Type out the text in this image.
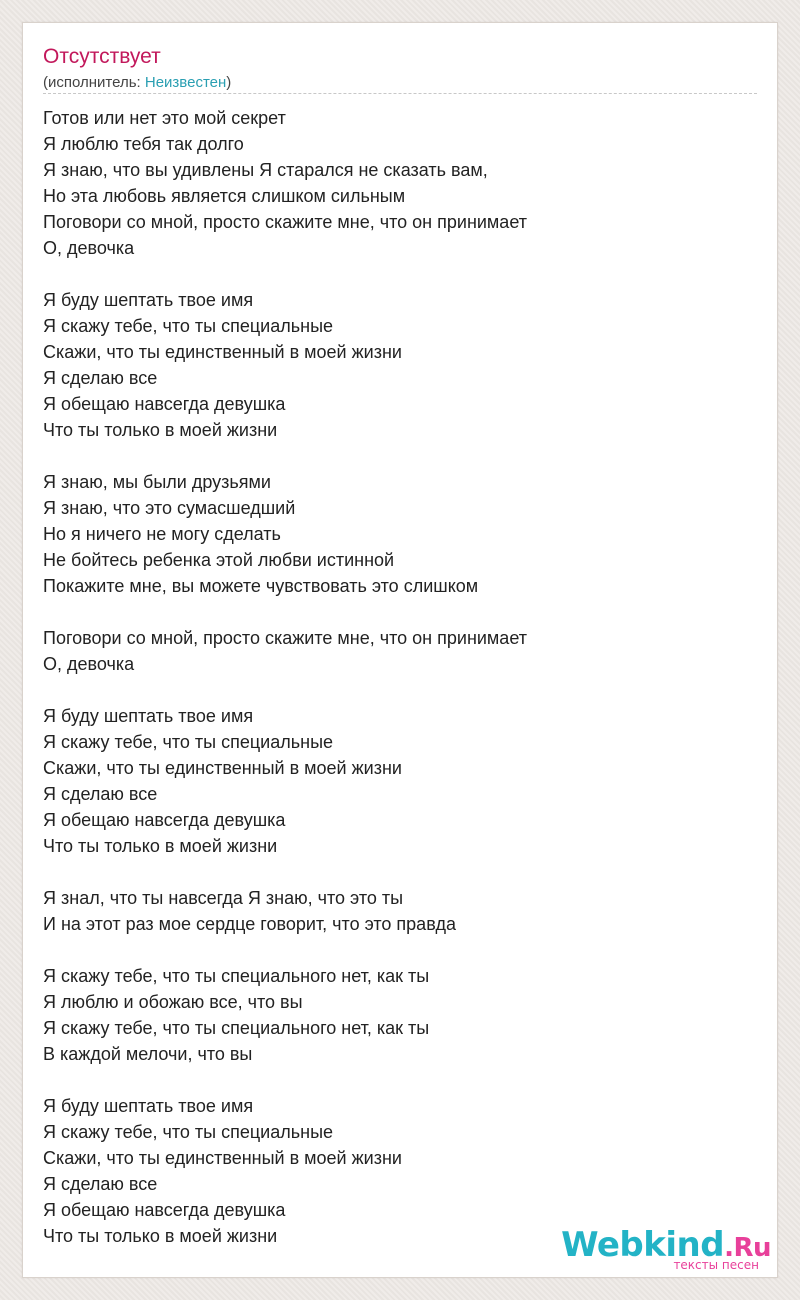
Отсутствует
(исполнитель: Неизвестен)
Готов или нет это мой секрет
Я люблю тебя так долго
Я знаю, что вы удивлены Я старался не сказать вам,
Но эта любовь является слишком сильным
Поговори со мной, просто скажите мне, что он принимает
О, девочка
Я буду шептать твое имя
Я скажу тебе, что ты специальные
Скажи, что ты единственный в моей жизни
Я сделаю все
Я обещаю навсегда девушка
Что ты только в моей жизни
Я знаю, мы были друзьями
Я знаю, что это сумасшедший
Но я ничего не могу сделать
Не бойтесь ребенка этой любви истинной
Покажите мне, вы можете чувствовать это слишком
Поговори со мной, просто скажите мне, что он принимает
О, девочка
Я буду шептать твое имя
Я скажу тебе, что ты специальные
Скажи, что ты единственный в моей жизни
Я сделаю все
Я обещаю навсегда девушка
Что ты только в моей жизни
Я знал, что ты навсегда Я знаю, что это ты
И на этот раз мое сердце говорит, что это правда
Я скажу тебе, что ты специального нет, как ты
Я люблю и обожаю все, что вы
Я скажу тебе, что ты специального нет, как ты
В каждой мелочи, что вы
Я буду шептать твое имя
Я скажу тебе, что ты специальные
Скажи, что ты единственный в моей жизни
Я сделаю все
Я обещаю навсегда девушка
Что ты только в моей жизни	Webkind.Ru
тексты песен
